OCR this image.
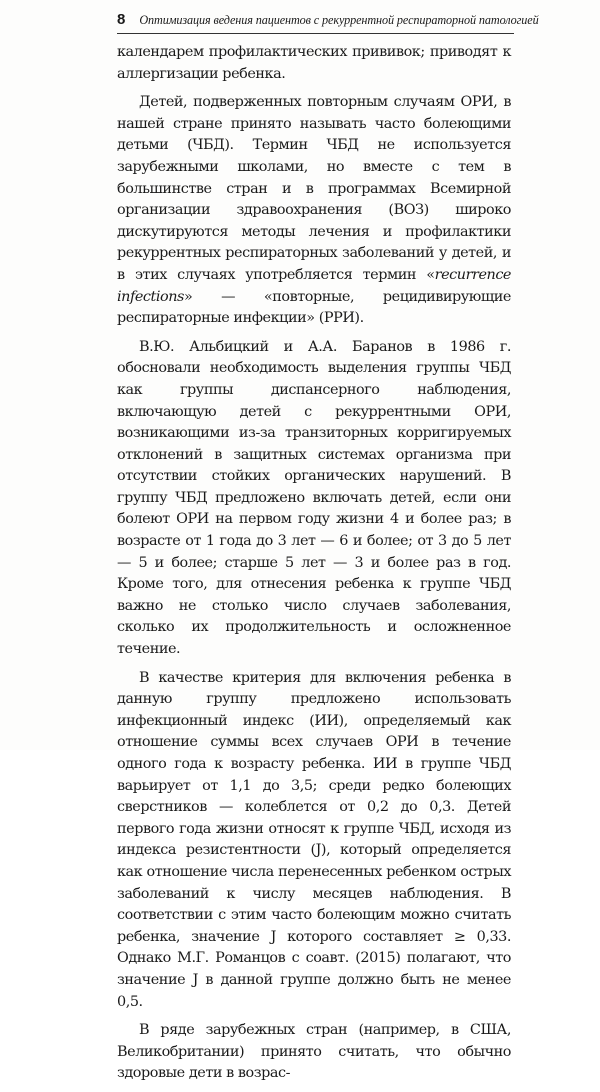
8 Оптимизация ведения пациентов с рекуррентной респираторной патологией

календарем профилактических прививок; приводят к аллергизации ребенка.

Детей, подверженных повторным случаям ОРИ, в нашей стране принято называть часто болеющими детьми (ЧБД). Термин ЧБД не используется зарубежными школами, но вместе с тем в большинстве стран и в программах Всемирной организации здравоохранения (ВОЗ) широко дискутируются методы лечения и профилактики рекуррентных респираторных заболеваний у детей, и в этих случаях употребляется термин «recurrence infections» — «повторные, рецидивирующие респираторные инфекции» (РРИ).

В.Ю. Альбицкий и А.А. Баранов в 1986 г. обосновали необходимость выделения группы ЧБД как группы диспансерного наблюдения, включающую детей с рекуррентными ОРИ, возникающими из-за транзиторных корригируемых отклонений в защитных системах организма при отсутствии стойких органических нарушений. В группу ЧБД предложено включать детей, если они болеют ОРИ на первом году жизни 4 и более раз; в возрасте от 1 года до 3 лет — 6 и более; от 3 до 5 лет — 5 и более; старше 5 лет — 3 и более раз в год. Кроме того, для отнесения ребенка к группе ЧБД важно не столько число случаев заболевания, сколько их продолжительность и осложненное течение.

В качестве критерия для включения ребенка в данную группу предложено использовать инфекционный индекс (ИИ), определяемый как отношение суммы всех случаев ОРИ в течение одного года к возрасту ребенка. ИИ в группе ЧБД варьирует от 1,1 до 3,5; среди редко болеющих сверстников — колеблется от 0,2 до 0,3. Детей первого года жизни относят к группе ЧБД, исходя из индекса резистентности (J), который определяется как отношение числа перенесенных ребенком острых заболеваний к числу месяцев наблюдения. В соответствии с этим часто болеющим можно считать ребенка, значение J которого составляет ≥ 0,33. Однако М.Г. Романцов с соавт. (2015) полагают, что значение J в данной группе должно быть не менее 0,5.

В ряде зарубежных стран (например, в США, Великобритании) принято считать, что обычно здоровые дети в возрас-
